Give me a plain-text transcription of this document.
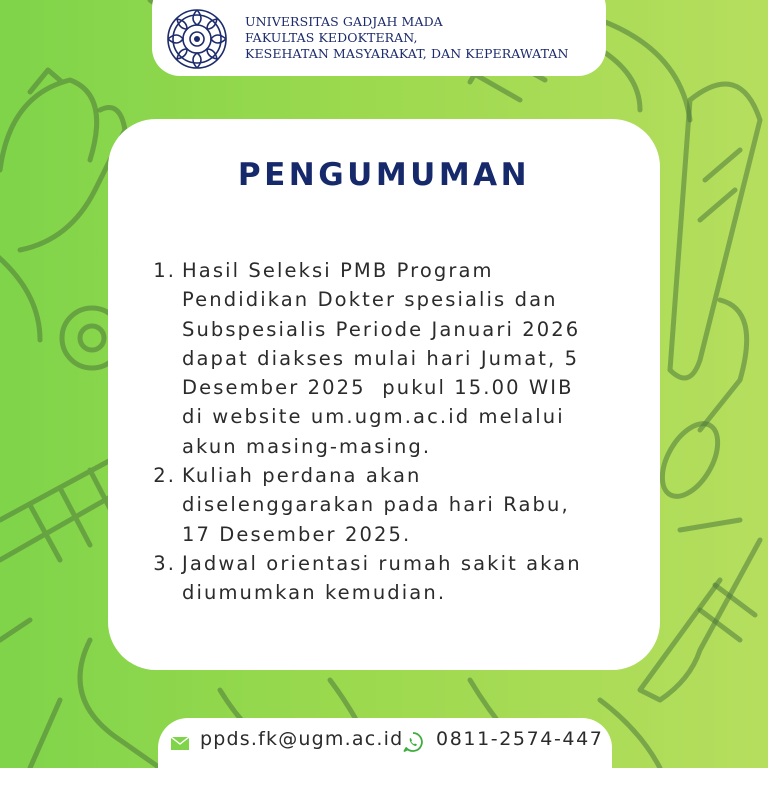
UNIVERSITAS GADJAH MADA
FAKULTAS KEDOKTERAN,
KESEHATAN MASYARAKAT, DAN KEPERAWATAN
PENGUMUMAN
1. Hasil Seleksi PMB Program
Pendidikan Dokter spesialis dan
Subspesialis Periode Januari 2026
dapat diakses mulai hari Jumat, 5
Desember 2025  pukul 15.00 WIB
di website um.ugm.ac.id melalui
akun masing-masing.
2. Kuliah perdana akan
diselenggarakan pada hari Rabu,
17 Desember 2025.
3. Jadwal orientasi rumah sakit akan
diumumkan kemudian.
ppds.fk@ugm.ac.id 0811-2574-447
